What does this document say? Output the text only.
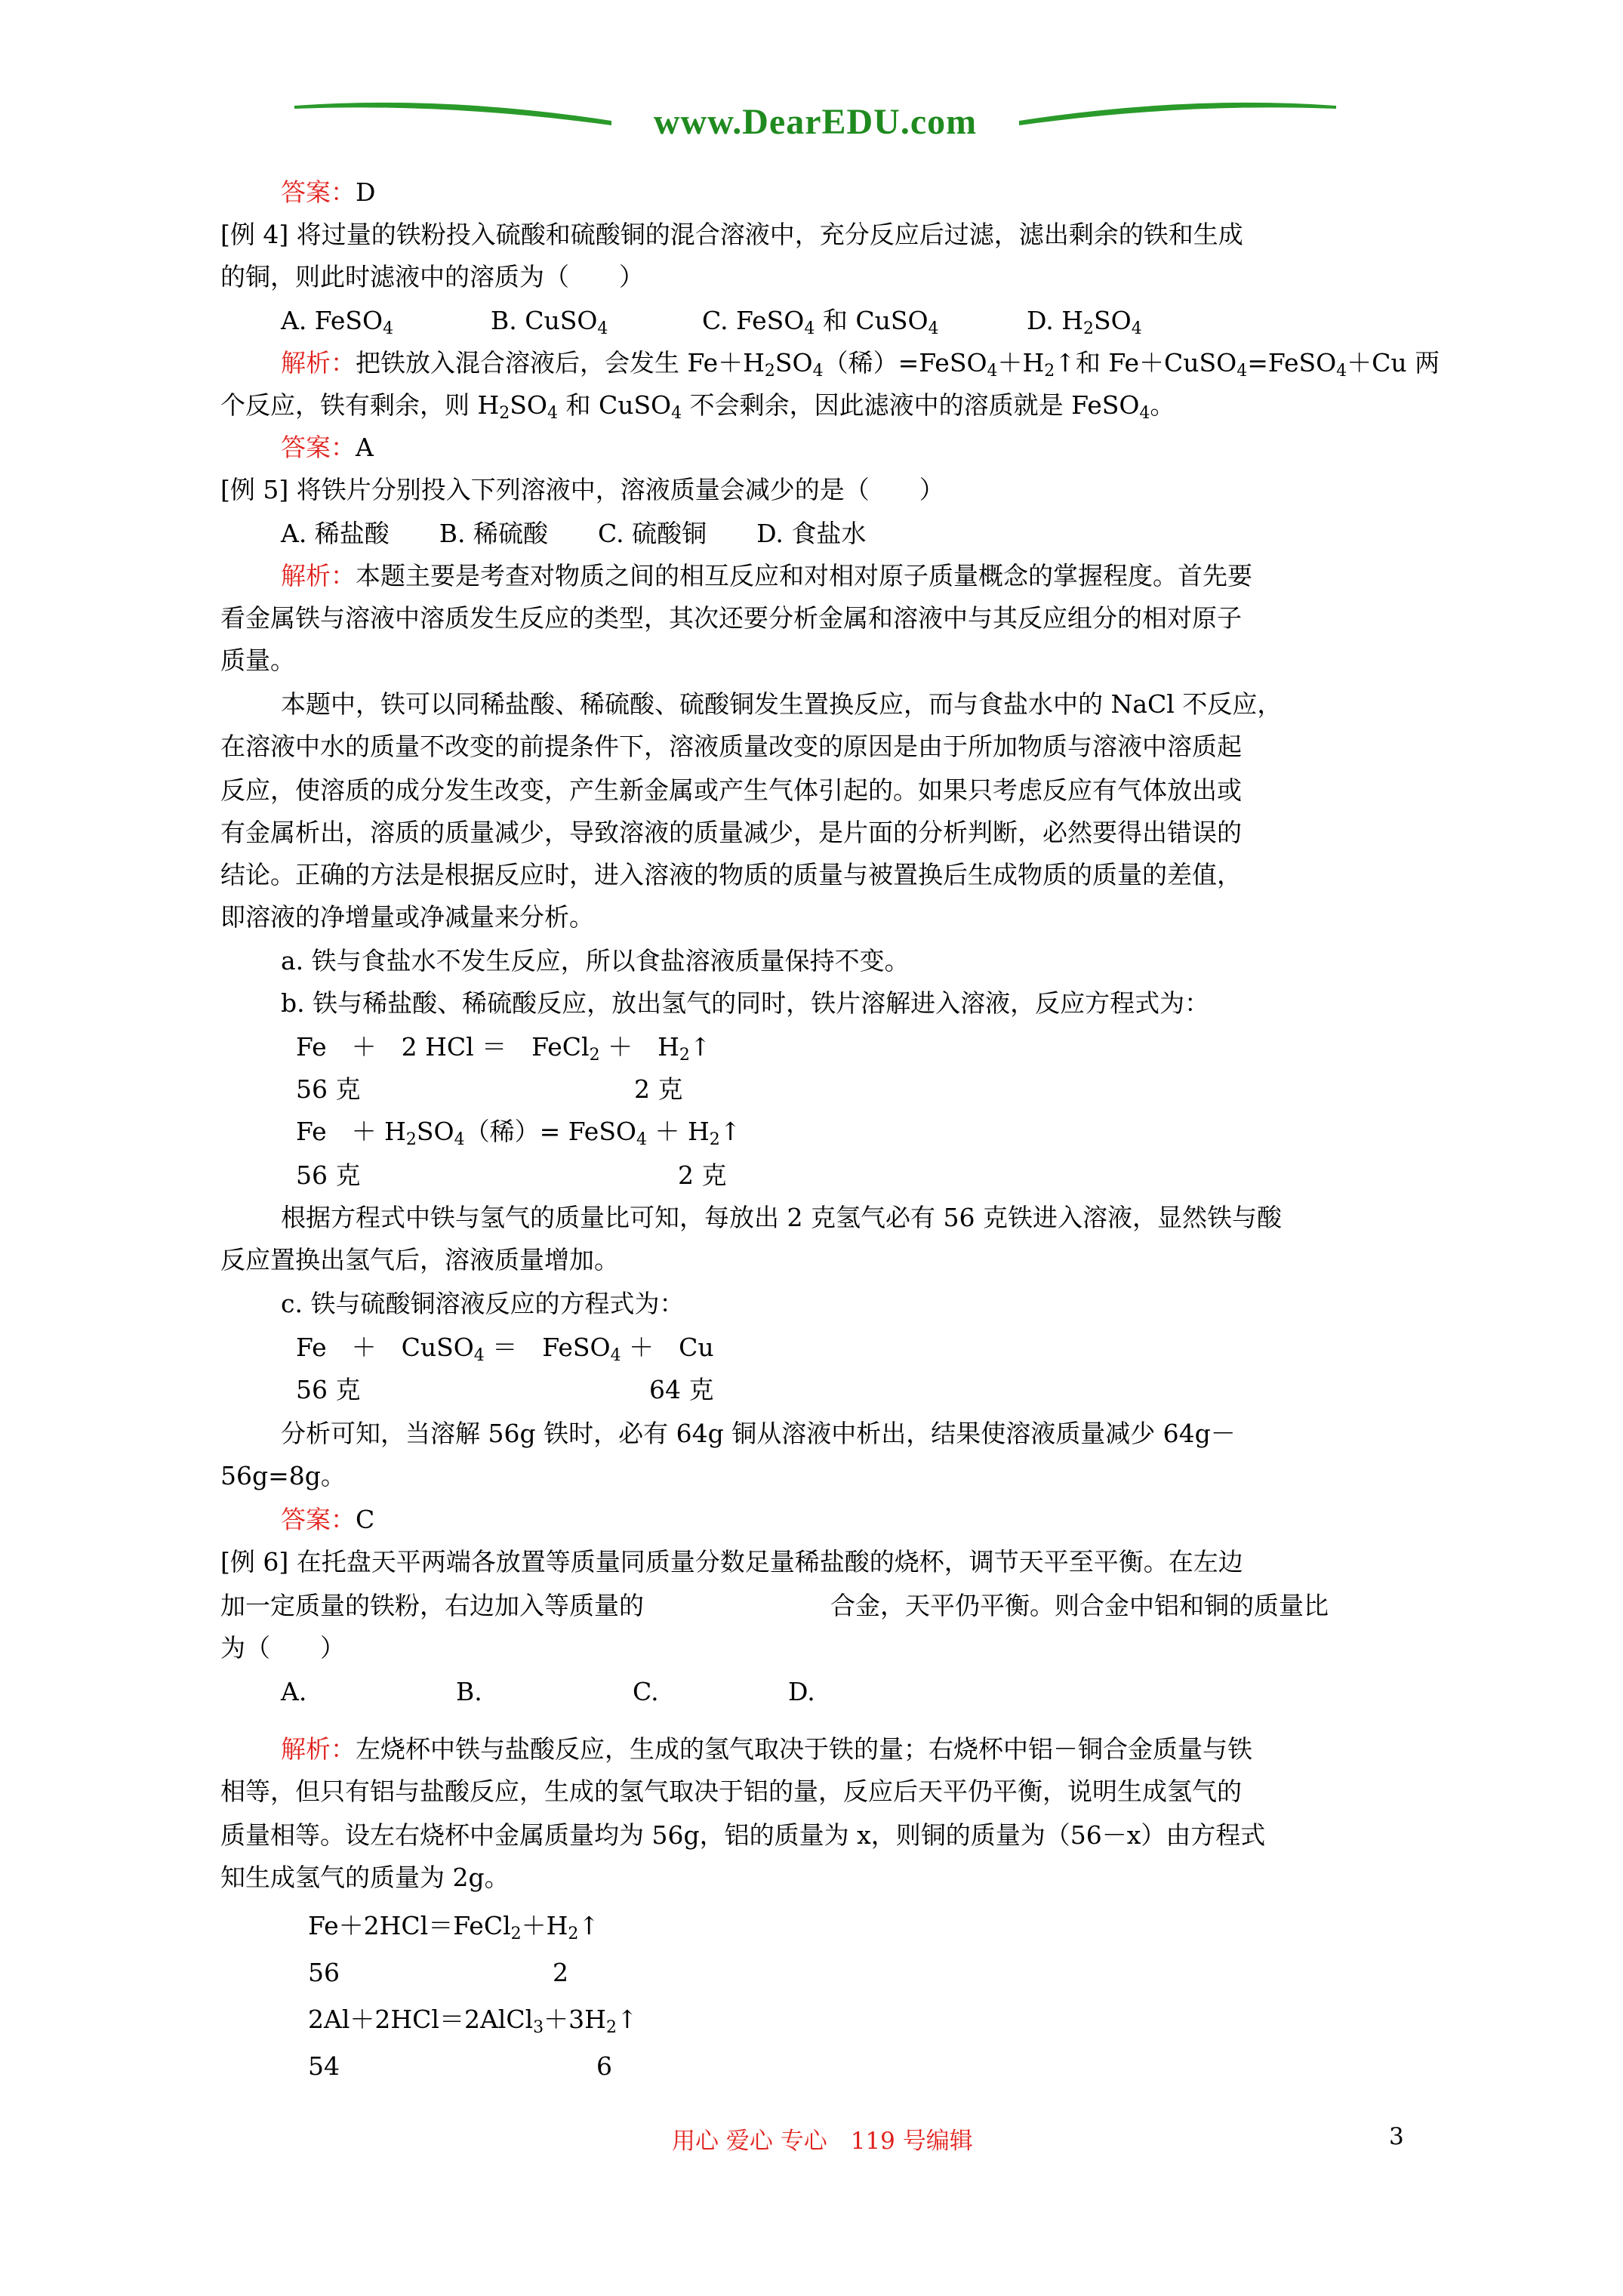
www.DearEDU.com
答案：D
[例 4] 将过量的铁粉投入硫酸和硫酸铜的混合溶液中，充分反应后过滤，滤出剩余的铁和生成
的铜，则此时滤液中的溶质为（　　）
A. FeSO$_4$	B. CuSO$_4$	C. FeSO$_4$ 和 CuSO$_4$	D. $H_2SO_4$
解析：把铁放入混合溶液后，会发生 $Fe+H_2SO_4$（稀）$=FeSO_4+H_2↑$和 Fe＋CuSO$_4$=FeSO$_4$＋Cu 两
个反应，铁有剩余，则 $H_2SO_4$ 和 CuSO$_4$ 不会剩余，因此滤液中的溶质就是 FeSO$_4$。
答案：A
[例 5] 将铁片分别投入下列溶液中，溶液质量会减少的是（　　）
A. 稀盐酸　　B. 稀硫酸　　C. 硫酸铜　　D. 食盐水
解析：本题主要是考查对物质之间的相互反应和对相对原子质量概念的掌握程度。首先要
看金属铁与溶液中溶质发生反应的类型，其次还要分析金属和溶液中与其反应组分的相对原子
质量。
本题中，铁可以同稀盐酸、稀硫酸、硫酸铜发生置换反应，而与食盐水中的 NaCl 不反应，
在溶液中水的质量不改变的前提条件下，溶液质量改变的原因是由于所加物质与溶液中溶质起
反应，使溶质的成分发生改变，产生新金属或产生气体引起的。如果只考虑反应有气体放出或
有金属析出，溶质的质量减少，导致溶液的质量减少，是片面的分析判断，必然要得出错误的
结论。正确的方法是根据反应时，进入溶液的物质的质量与被置换后生成物质的质量的差值，
即溶液的净增量或净减量来分析。
a. 铁与食盐水不发生反应，所以食盐溶液质量保持不变。
b. 铁与稀盐酸、稀硫酸反应，放出氢气的同时，铁片溶解进入溶液，反应方程式为：
Fe　＋　2 HCl ＝　FeCl$_2$ ＋　$H_2↑$
56 克	2 克
Fe　＋ $H_2SO_4$（稀）= FeSO$_4$ ＋ $H_2↑$
56 克	2 克
根据方程式中铁与氢气的质量比可知，每放出 2 克氢气必有 56 克铁进入溶液，显然铁与酸
反应置换出氢气后，溶液质量增加。
c. 铁与硫酸铜溶液反应的方程式为：
Fe　＋　CuSO$_4$ ＝　FeSO$_4$ ＋　Cu
56 克	64 克
分析可知，当溶解 56g 铁时，必有 64g 铜从溶液中析出，结果使溶液质量减少 64g－
56g=8g。
答案：C
[例 6] 在托盘天平两端各放置等质量同质量分数足量稀盐酸的烧杯，调节天平至平衡。在左边
加一定质量的铁粉，右边加入等质量的	合金，天平仍平衡。则合金中铝和铜的质量比
为（　　）
A.	B.	C.	D.
解析：左烧杯中铁与盐酸反应，生成的氢气取决于铁的量；右烧杯中铝－铜合金质量与铁
相等，但只有铝与盐酸反应，生成的氢气取决于铝的量，反应后天平仍平衡，说明生成氢气的
质量相等。设左右烧杯中金属质量均为 56g，铝的质量为 x，则铜的质量为（56－x）由方程式
知生成氢气的质量为 2g。
$Fe+2HCl=FeCl_2+H_2↑$
56	2
$2Al+2HCl=2AlCl_3+3H_2↑$
54	6
用心 爱心 专心　119 号编辑	3
